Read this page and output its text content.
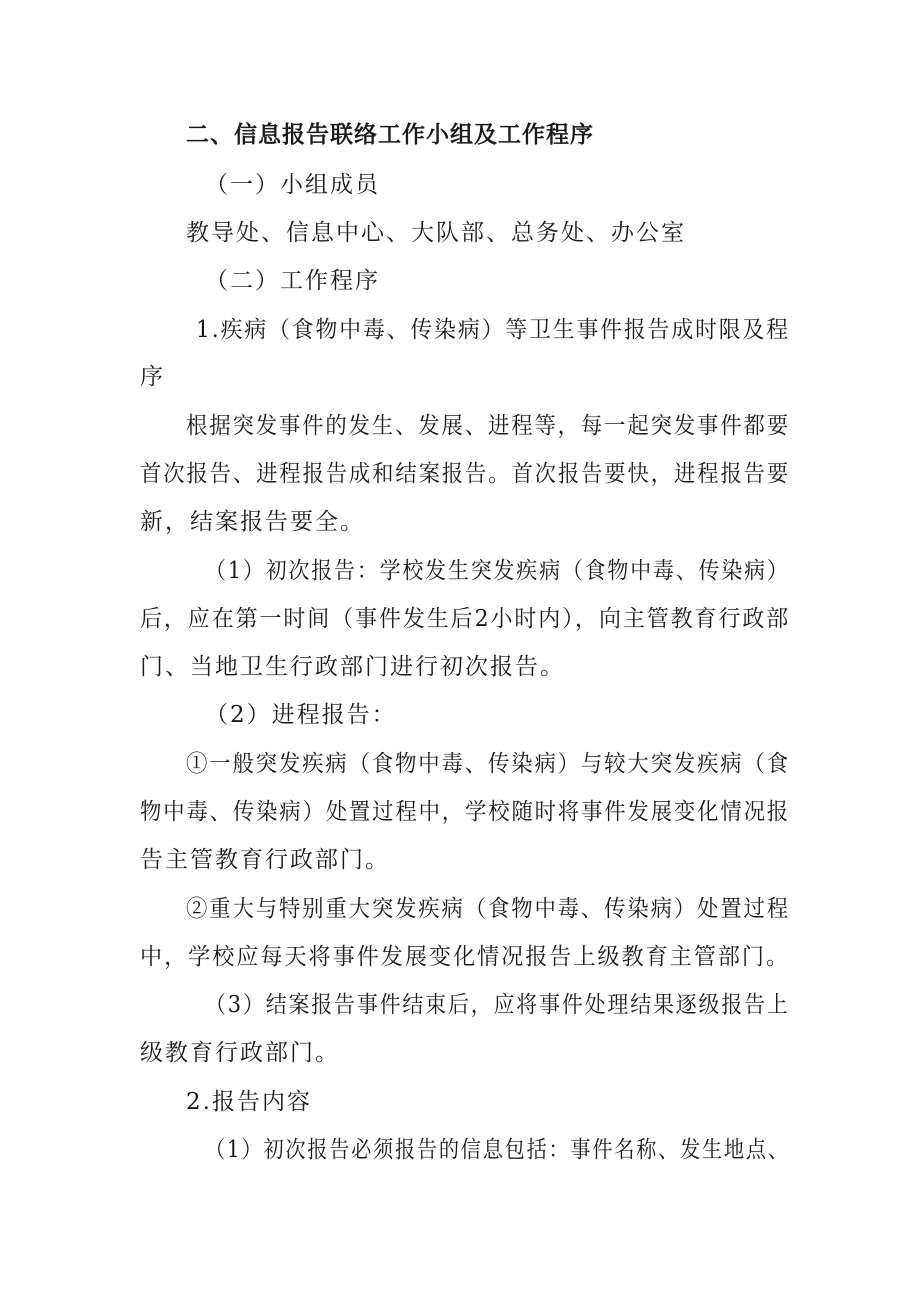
二、信息报告联络工作小组及工作程序
（一）小组成员
教导处、信息中心、大队部、总务处、办公室
（二）工作程序
1.疾病（食物中毒、传染病）等卫生事件报告成时限及程
序
根据突发事件的发生、发展、进程等，每一起突发事件都要
首次报告、进程报告成和结案报告。首次报告要快，进程报告要
新，结案报告要全。
（1）初次报告：学校发生突发疾病（食物中毒、传染病）
后，应在第一时间（事件发生后2小时内），向主管教育行政部
门、当地卫生行政部门进行初次报告。
（2）进程报告：
①一般突发疾病（食物中毒、传染病）与较大突发疾病（食
物中毒、传染病）处置过程中，学校随时将事件发展变化情况报
告主管教育行政部门。
②重大与特别重大突发疾病（食物中毒、传染病）处置过程
中，学校应每天将事件发展变化情况报告上级教育主管部门。
（3）结案报告事件结束后，应将事件处理结果逐级报告上
级教育行政部门。
2.报告内容
（1）初次报告必须报告的信息包括：事件名称、发生地点、
